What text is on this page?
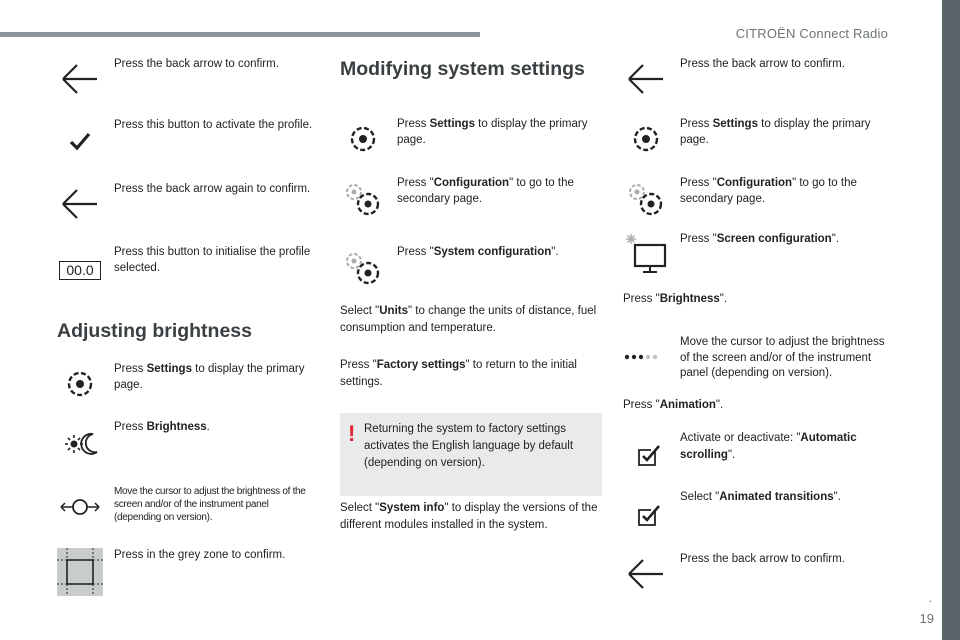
CITROËN Connect Radio
.
19
Press the back arrow to confirm.
Press this button to activate the profile.
Press the back arrow again to confirm.
00.0
Press this button to initialise the profile selected.
Adjusting brightness
Press Settings to display the primary page.
Press Brightness.
Move the cursor to adjust the brightness of the screen and/or of the instrument panel (depending on version).
Press in the grey zone to confirm.
Modifying system settings
Press Settings to display the primary page.
Press "Configuration" to go to the secondary page.
Press "System configuration".
Select "Units" to change the units of distance, fuel consumption and temperature.
Press "Factory settings" to return to the initial settings.
! Returning the system to factory settings activates the English language by default (depending on version).
Select "System info" to display the versions of the different modules installed in the system.
Press the back arrow to confirm.
Press Settings to display the primary page.
Press "Configuration" to go to the secondary page.
Press "Screen configuration".
Press "Brightness".
Move the cursor to adjust the brightness of the screen and/or of the instrument panel (depending on version).
Press "Animation".
Activate or deactivate: "Automatic scrolling".
Select "Animated transitions".
Press the back arrow to confirm.
